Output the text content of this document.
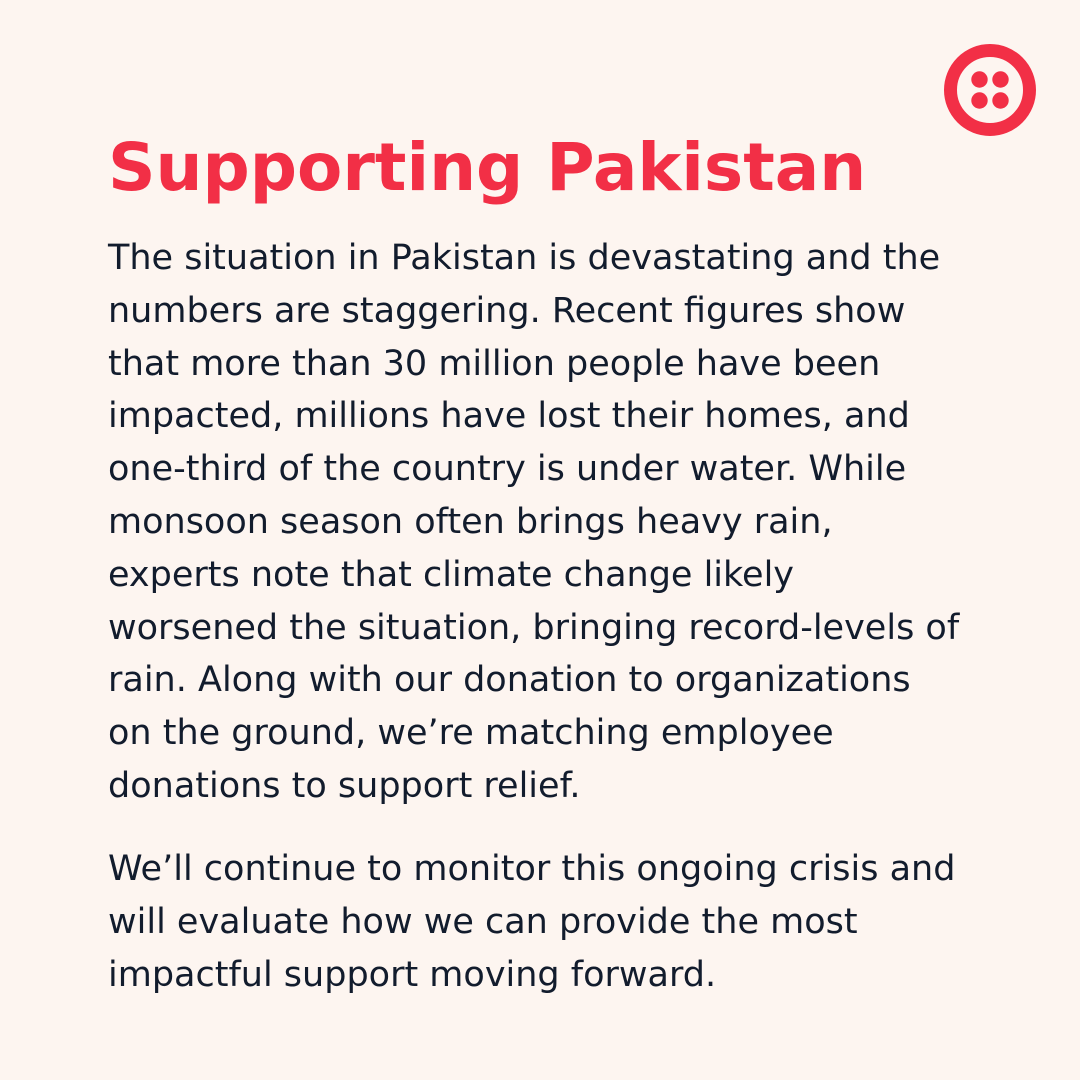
Supporting Pakistan

The situation in Pakistan is devastating and the
numbers are staggering. Recent figures show
that more than 30 million people have been
impacted, millions have lost their homes, and
one-third of the country is under water. While
monsoon season often brings heavy rain,
experts note that climate change likely
worsened the situation, bringing record-levels of
rain. Along with our donation to organizations
on the ground, we’re matching employee
donations to support relief.

We’ll continue to monitor this ongoing crisis and
will evaluate how we can provide the most
impactful support moving forward.
